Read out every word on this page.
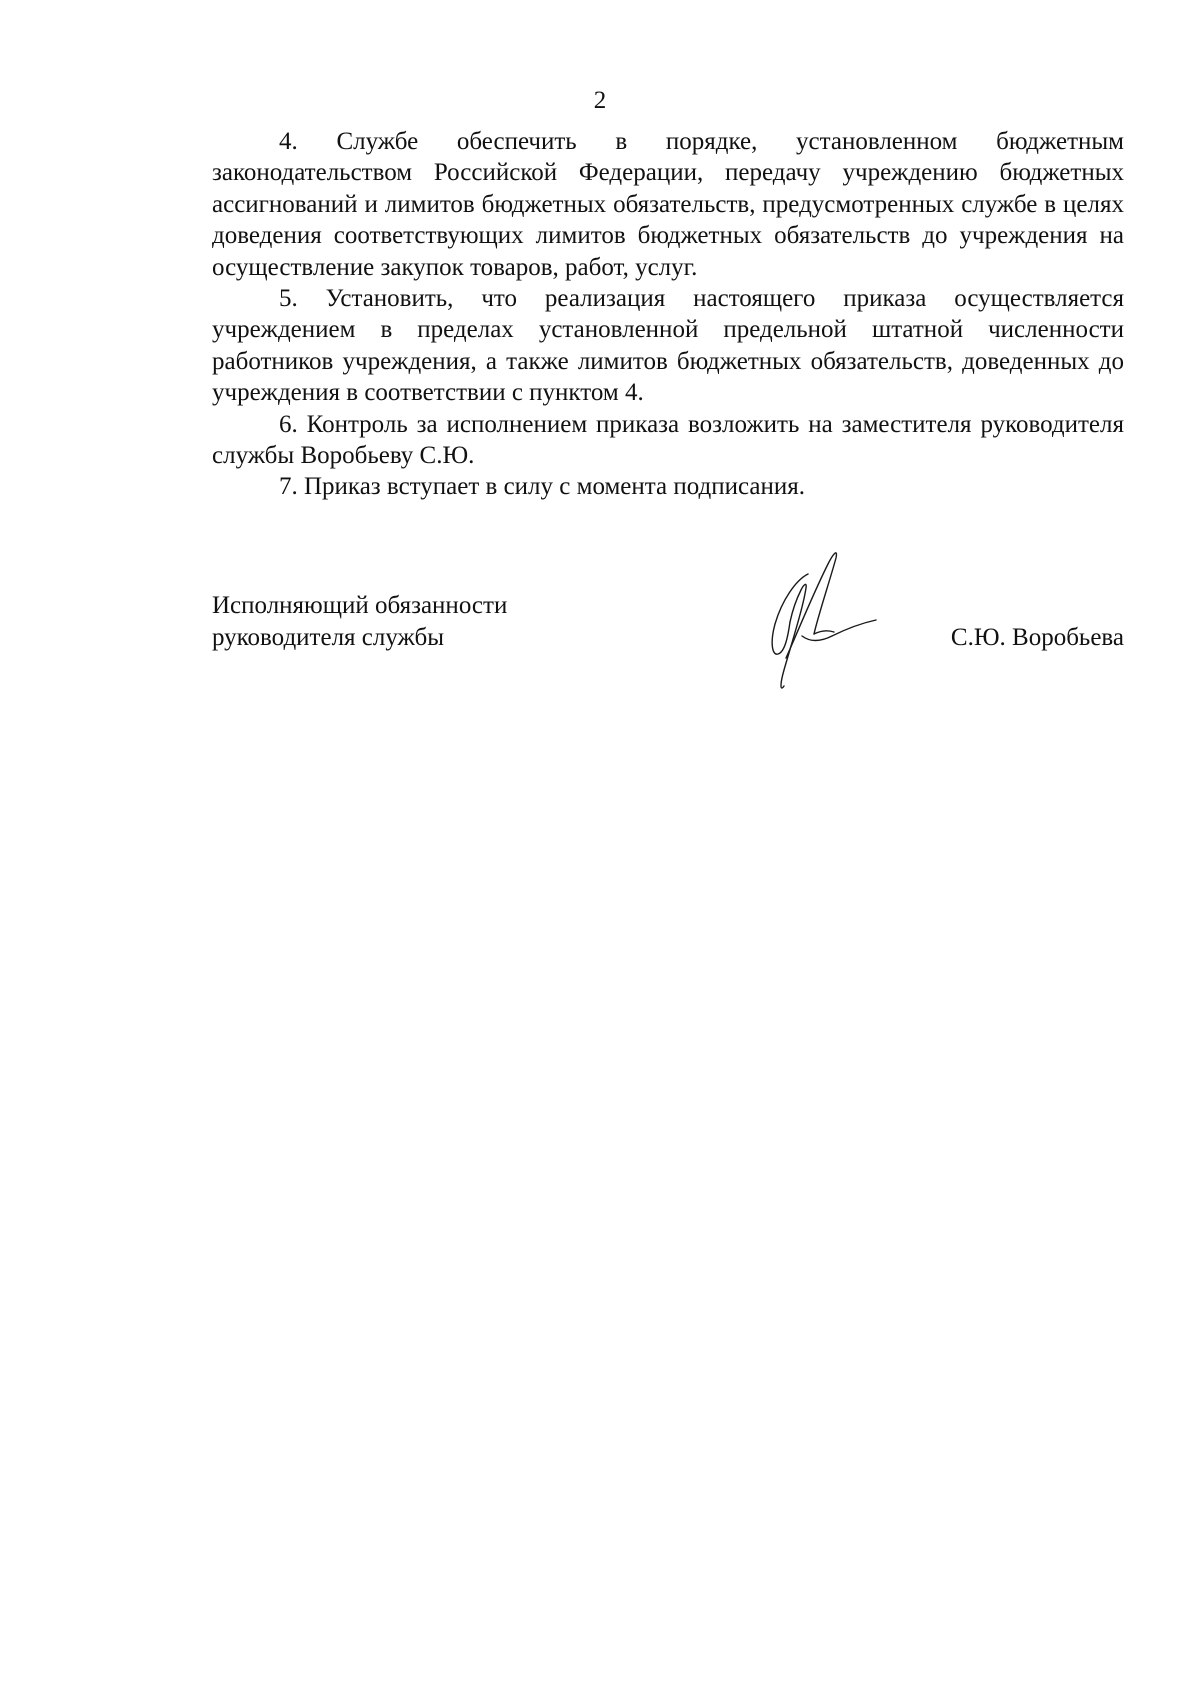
2

4. Службе обеспечить в порядке, установленном бюджетным законодательством Российской Федерации, передачу учреждению бюджетных ассигнований и лимитов бюджетных обязательств, предусмотренных службе в целях доведения соответствующих лимитов бюджетных обязательств до учреждения на осуществление закупок товаров, работ, услуг.

5. Установить, что реализация настоящего приказа осуществляется учреждением в пределах установленной предельной штатной численности работников учреждения, а также лимитов бюджетных обязательств, доведенных до учреждения в соответствии с пунктом 4.

6. Контроль за исполнением приказа возложить на заместителя руководителя службы Воробьеву С.Ю.

7. Приказ вступает в силу с момента подписания.

Исполняющий обязанности
руководителя службы	С.Ю. Воробьева
